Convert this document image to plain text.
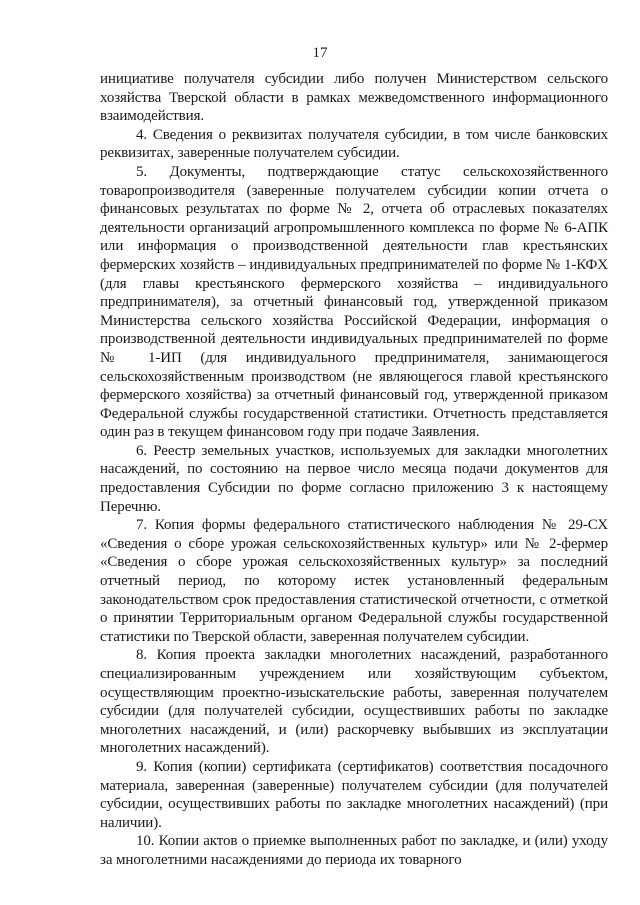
17

инициативе получателя субсидии либо получен Министерством сельского хозяйства Тверской области в рамках межведомственного информационного взаимодействия.

4. Сведения о реквизитах получателя субсидии, в том числе банковских реквизитах, заверенные получателем субсидии.

5. Документы, подтверждающие статус сельскохозяйственного товаропроизводителя (заверенные получателем субсидии копии отчета о финансовых результатах по форме № 2, отчета об отраслевых показателях деятельности организаций агропромышленного комплекса по форме № 6-АПК или информация о производственной деятельности глав крестьянских фермерских хозяйств – индивидуальных предпринимателей по форме № 1-КФХ (для главы крестьянского фермерского хозяйства – индивидуального предпринимателя), за отчетный финансовый год, утвержденной приказом Министерства сельского хозяйства Российской Федерации, информация о производственной деятельности индивидуальных предпринимателей по форме № 1-ИП (для индивидуального предпринимателя, занимающегося сельскохозяйственным производством (не являющегося главой крестьянского фермерского хозяйства) за отчетный финансовый год, утвержденной приказом Федеральной службы государственной статистики. Отчетность представляется один раз в текущем финансовом году при подаче Заявления.

6. Реестр земельных участков, используемых для закладки многолетних насаждений, по состоянию на первое число месяца подачи документов для предоставления Субсидии по форме согласно приложению 3 к настоящему Перечню.

7. Копия формы федерального статистического наблюдения № 29-СХ «Сведения о сборе урожая сельскохозяйственных культур» или № 2-фермер «Сведения о сборе урожая сельскохозяйственных культур» за последний отчетный период, по которому истек установленный федеральным законодательством срок предоставления статистической отчетности, с отметкой о принятии Территориальным органом Федеральной службы государственной статистики по Тверской области, заверенная получателем субсидии.

8. Копия проекта закладки многолетних насаждений, разработанного специализированным учреждением или хозяйствующим субъектом, осуществляющим проектно-изыскательские работы, заверенная получателем субсидии (для получателей субсидии, осуществивших работы по закладке многолетних насаждений, и (или) раскорчевку выбывших из эксплуатации многолетних насаждений).

9. Копия (копии) сертификата (сертификатов) соответствия посадочного материала, заверенная (заверенные) получателем субсидии (для получателей субсидии, осуществивших работы по закладке многолетних насаждений) (при наличии).

10. Копии актов о приемке выполненных работ по закладке, и (или) уходу за многолетними насаждениями до периода их товарного
